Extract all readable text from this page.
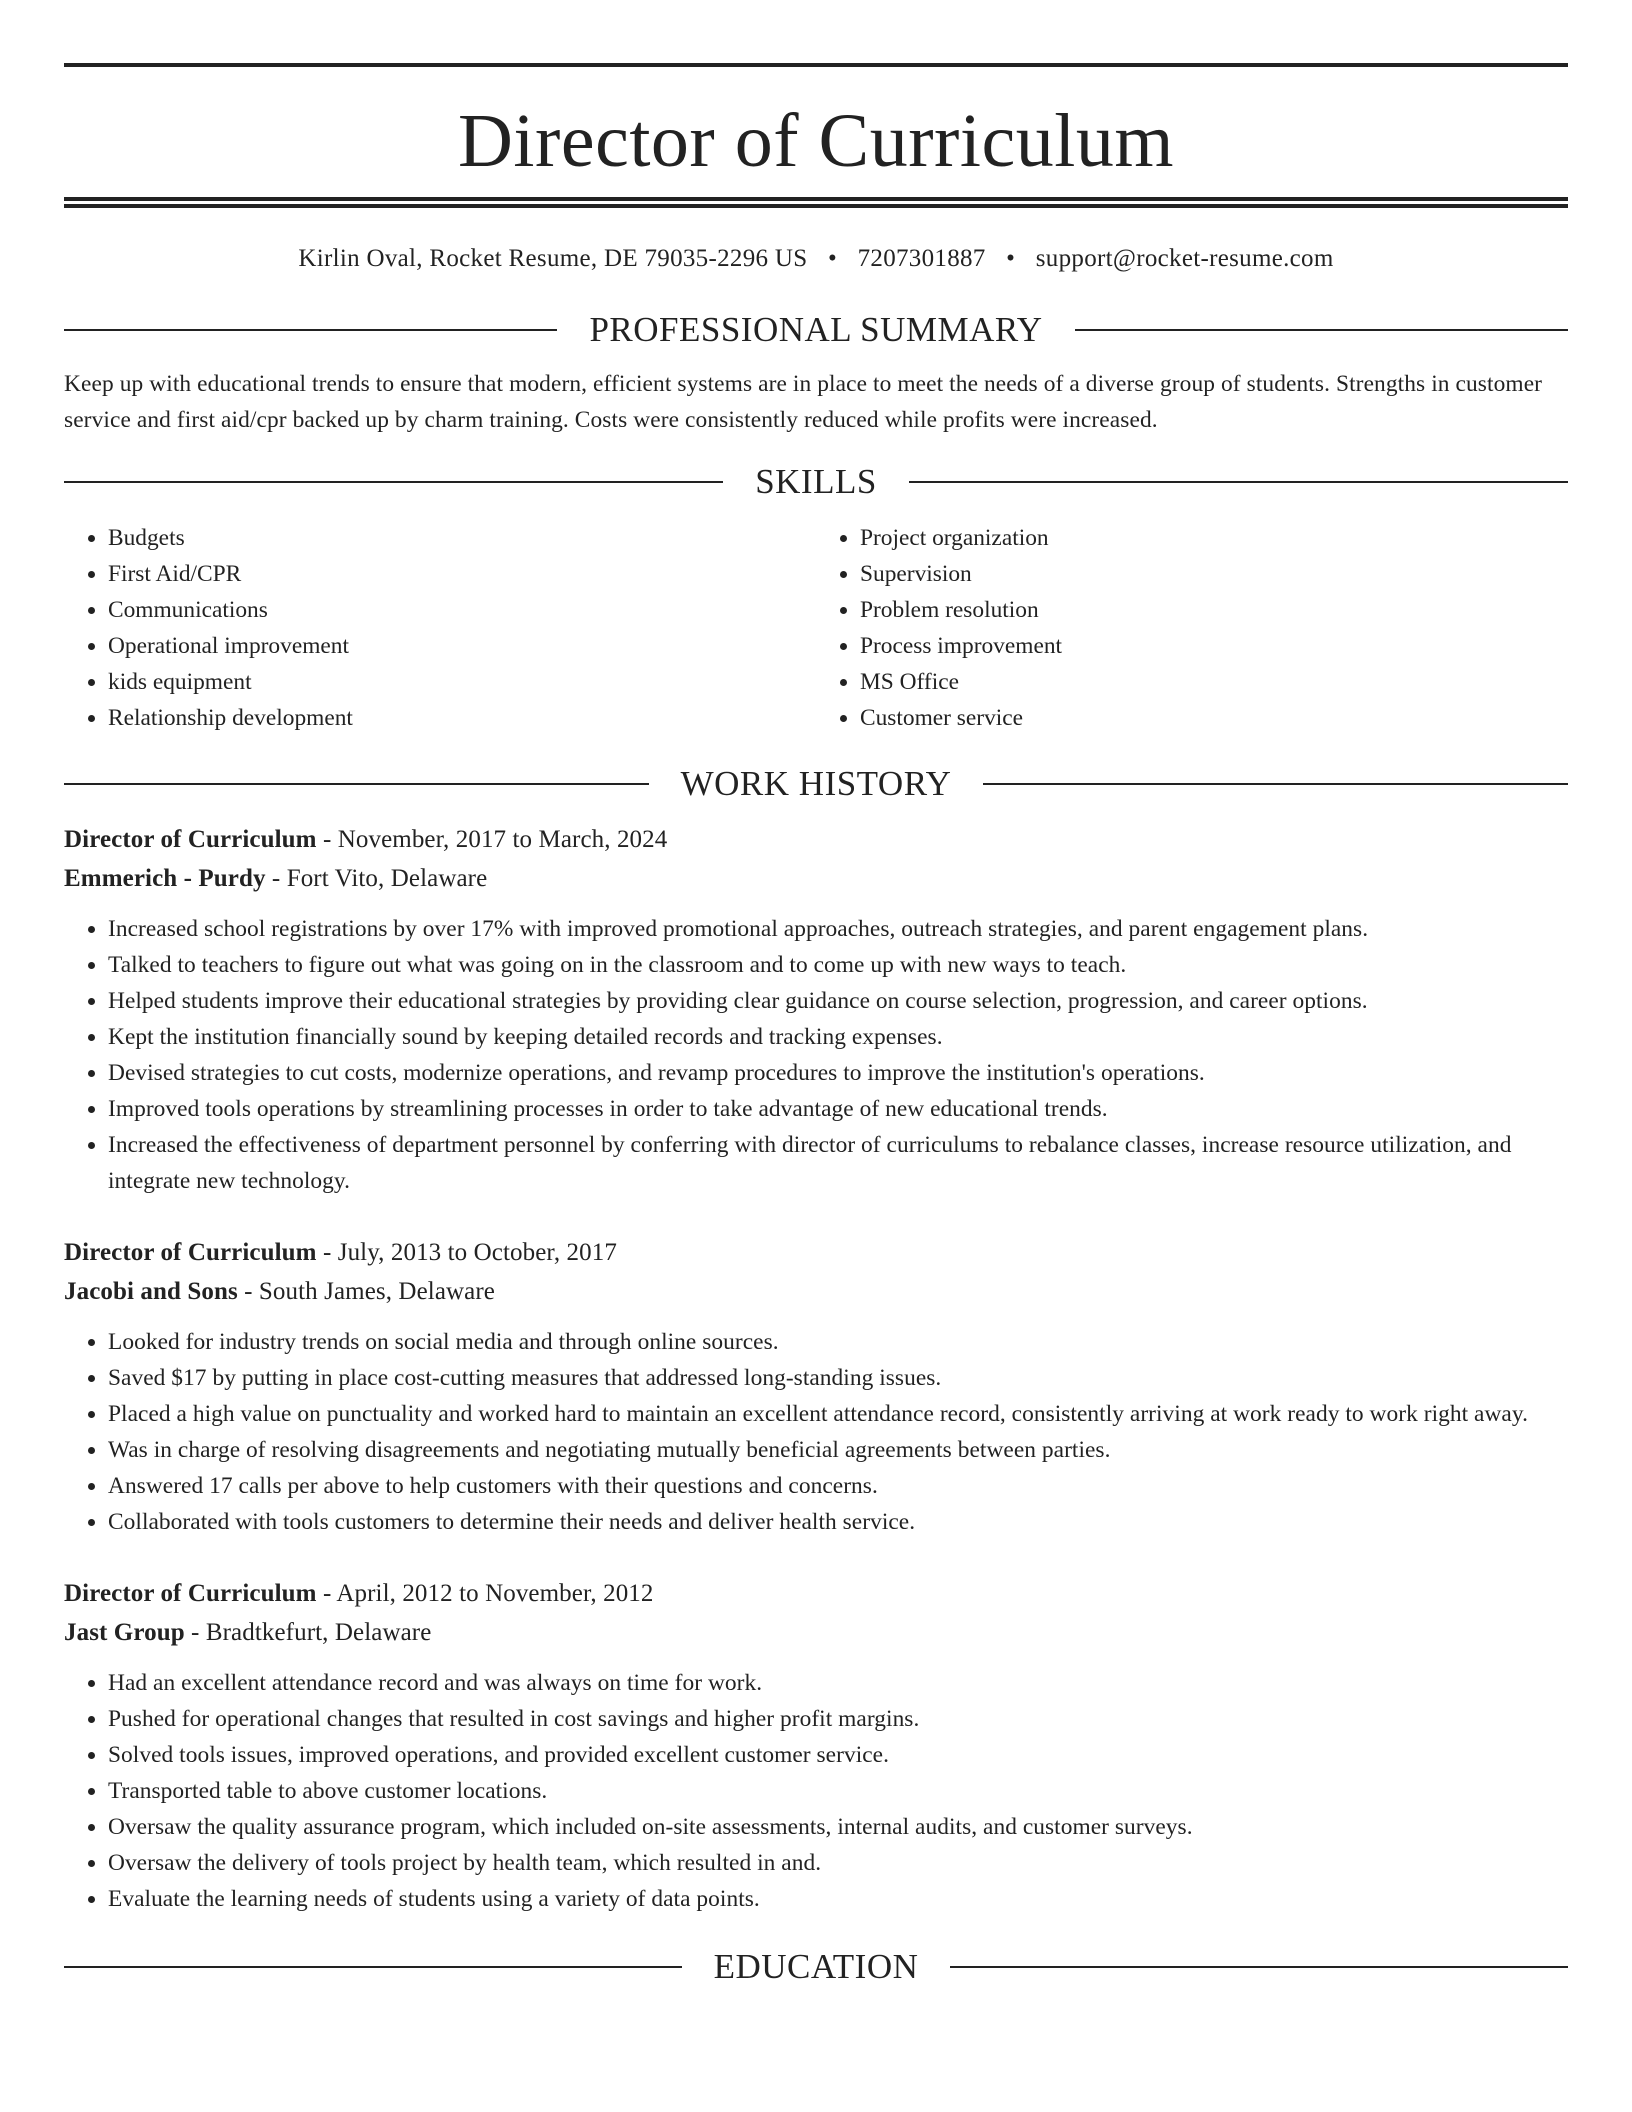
Director of Curriculum
Kirlin Oval, Rocket Resume, DE 79035-2296 US • 7207301887 • support@rocket-resume.com
PROFESSIONAL SUMMARY

Keep up with educational trends to ensure that modern, efficient systems are in place to meet the needs of a diverse group of students. Strengths in customer service and first aid/cpr backed up by charm training. Costs were consistently reduced while profits were increased.

SKILLS
• Budgets
• First Aid/CPR
• Communications
• Operational improvement
• kids equipment
• Relationship development
• Project organization
• Supervision
• Problem resolution
• Process improvement
• MS Office
• Customer service
WORK HISTORY
Director of Curriculum - November, 2017 to March, 2024
Emmerich - Purdy - Fort Vito, Delaware
• Increased school registrations by over 17% with improved promotional approaches, outreach strategies, and parent engagement plans.
• Talked to teachers to figure out what was going on in the classroom and to come up with new ways to teach.
• Helped students improve their educational strategies by providing clear guidance on course selection, progression, and career options.
• Kept the institution financially sound by keeping detailed records and tracking expenses.
• Devised strategies to cut costs, modernize operations, and revamp procedures to improve the institution's operations.
• Improved tools operations by streamlining processes in order to take advantage of new educational trends.
• Increased the effectiveness of department personnel by conferring with director of curriculums to rebalance classes, increase resource utilization, and integrate new technology.
Director of Curriculum - July, 2013 to October, 2017
Jacobi and Sons - South James, Delaware
• Looked for industry trends on social media and through online sources.
• Saved $17 by putting in place cost-cutting measures that addressed long-standing issues.
• Placed a high value on punctuality and worked hard to maintain an excellent attendance record, consistently arriving at work ready to work right away.
• Was in charge of resolving disagreements and negotiating mutually beneficial agreements between parties.
• Answered 17 calls per above to help customers with their questions and concerns.
• Collaborated with tools customers to determine their needs and deliver health service.
Director of Curriculum - April, 2012 to November, 2012
Jast Group - Bradtkefurt, Delaware
• Had an excellent attendance record and was always on time for work.
• Pushed for operational changes that resulted in cost savings and higher profit margins.
• Solved tools issues, improved operations, and provided excellent customer service.
• Transported table to above customer locations.
• Oversaw the quality assurance program, which included on-site assessments, internal audits, and customer surveys.
• Oversaw the delivery of tools project by health team, which resulted in and.
• Evaluate the learning needs of students using a variety of data points.
EDUCATION
